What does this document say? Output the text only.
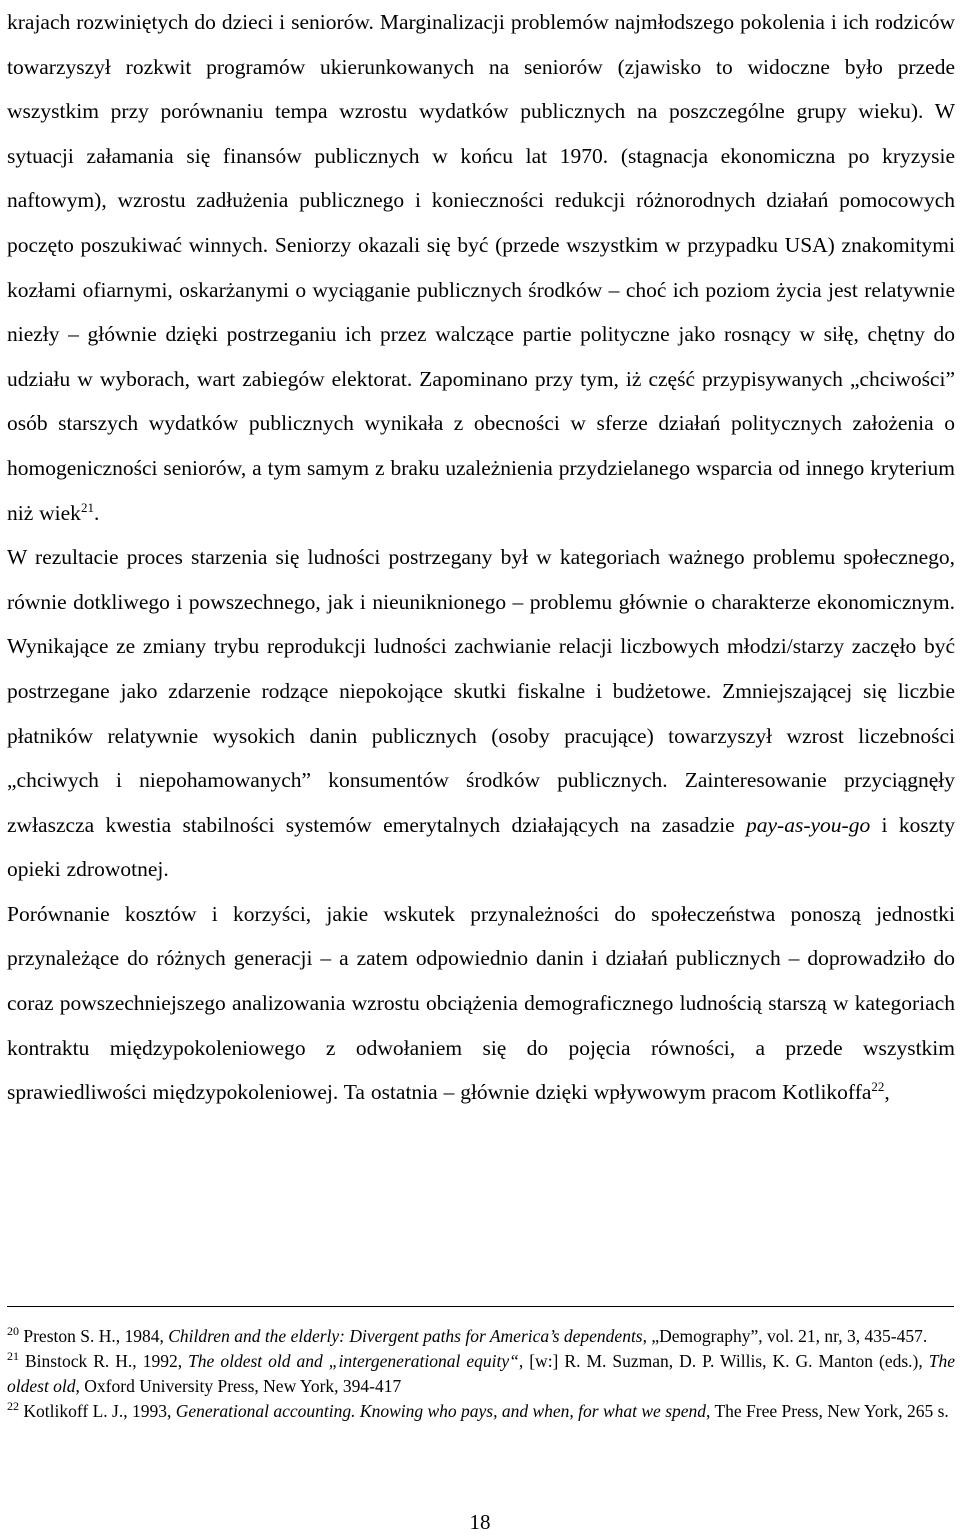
krajach rozwiniętych do dzieci i seniorów. Marginalizacji problemów najmłodszego pokolenia i ich rodziców towarzyszył rozkwit programów ukierunkowanych na seniorów (zjawisko to widoczne było przede wszystkim przy porównaniu tempa wzrostu wydatków publicznych na poszczególne grupy wieku). W sytuacji załamania się finansów publicznych w końcu lat 1970. (stagnacja ekonomiczna po kryzysie naftowym), wzrostu zadłużenia publicznego i konieczności redukcji różnorodnych działań pomocowych poczęto poszukiwać winnych. Seniorzy okazali się być (przede wszystkim w przypadku USA) znakomitymi kozłami ofiarnymi, oskarżanymi o wyciąganie publicznych środków – choć ich poziom życia jest relatywnie niezły – głównie dzięki postrzeganiu ich przez walczące partie polityczne jako rosnący w siłę, chętny do udziału w wyborach, wart zabiegów elektorat. Zapominano przy tym, iż część przypisywanych „chciwości” osób starszych wydatków publicznych wynikała z obecności w sferze działań politycznych założenia o homogeniczności seniorów, a tym samym z braku uzależnienia przydzielanego wsparcia od innego kryterium niż wiek$^{21}$.

W rezultacie proces starzenia się ludności postrzegany był w kategoriach ważnego problemu społecznego, równie dotkliwego i powszechnego, jak i nieuniknionego – problemu głównie o charakterze ekonomicznym. Wynikające ze zmiany trybu reprodukcji ludności zachwianie relacji liczbowych młodzi/starzy zaczęło być postrzegane jako zdarzenie rodzące niepokojące skutki fiskalne i budżetowe. Zmniejszającej się liczbie płatników relatywnie wysokich danin publicznych (osoby pracujące) towarzyszył wzrost liczebności „chciwych i niepohamowanych” konsumentów środków publicznych. Zainteresowanie przyciągnęły zwłaszcza kwestia stabilności systemów emerytalnych działających na zasadzie pay-as-you-go i koszty opieki zdrowotnej.

Porównanie kosztów i korzyści, jakie wskutek przynależności do społeczeństwa ponoszą jednostki przynależące do różnych generacji – a zatem odpowiednio danin i działań publicznych – doprowadziło do coraz powszechniejszego analizowania wzrostu obciążenia demograficznego ludnością starszą w kategoriach kontraktu międzypokoleniowego z odwołaniem się do pojęcia równości, a przede wszystkim sprawiedliwości międzypokoleniowej. Ta ostatnia – głównie dzięki wpływowym pracom Kotlikoffa$^{22}$,

$^{20}$ Preston S. H., 1984, Children and the elderly: Divergent paths for America’s dependents, „Demography”, vol. 21, nr, 3, 435-457.

$^{21}$ Binstock R. H., 1992, The oldest old and „intergenerational equity“, [w:] R. M. Suzman, D. P. Willis, K. G. Manton (eds.), The oldest old, Oxford University Press, New York, 394-417

$^{22}$ Kotlikoff L. J., 1993, Generational accounting. Knowing who pays, and when, for what we spend, The Free Press, New York, 265 s.

18
